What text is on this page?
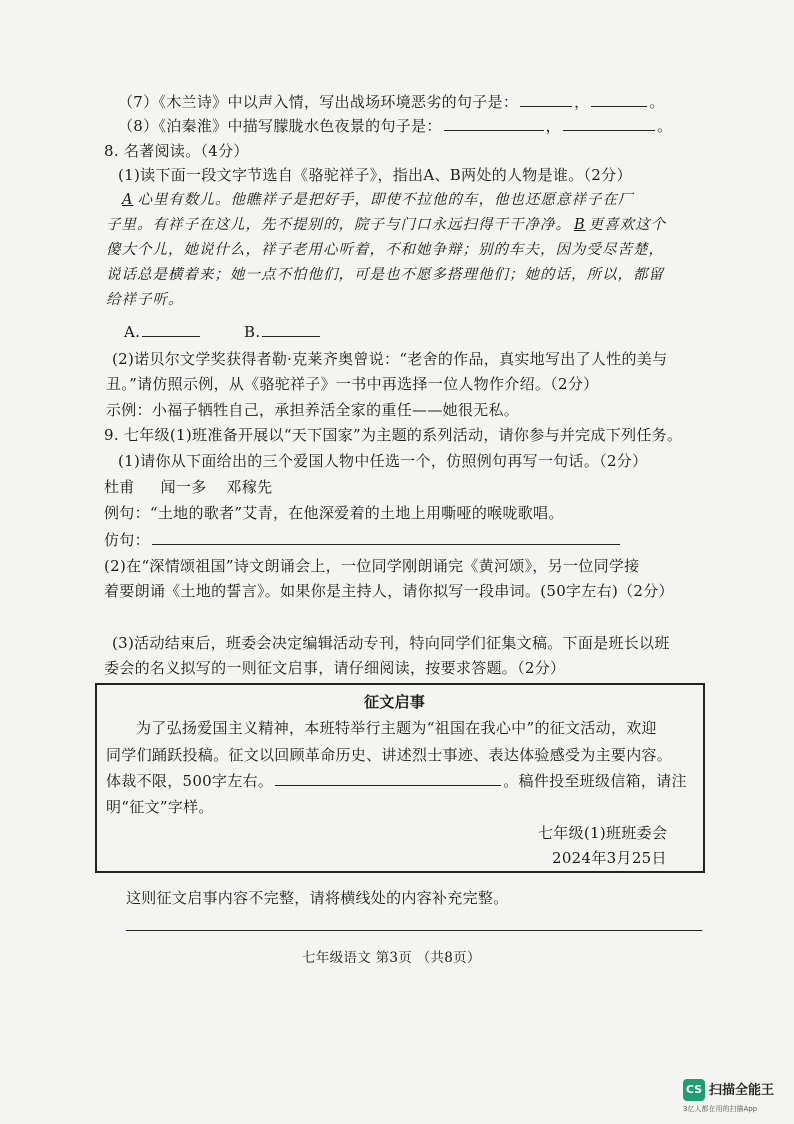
（7）《木兰诗》中以声入情，写出战场环境恶劣的句子是：	，	。
（8）《泊秦淮》中描写朦胧水色夜景的句子是：	，	。
8. 名著阅读。（4分）
(1)读下面一段文字节选自《骆驼祥子》，指出A、B两处的人物是谁。（2分）
A 心里有数儿。他瞧祥子是把好手，即使不拉他的车，他也还愿意祥子在厂
子里。有祥子在这儿，先不提别的，院子与门口永远扫得干干净净。 B 更喜欢这个
傻大个儿，她说什么，祥子老用心听着，不和她争辩；别的车夫，因为受尽苦楚，
说话总是横着来；她一点不怕他们，可是也不愿多搭理他们；她的话，所以，都留
给祥子听。
A.	B.
(2)诺贝尔文学奖获得者勒·克莱齐奥曾说：“老舍的作品，真实地写出了人性的美与
丑。”请仿照示例，从《骆驼祥子》一书中再选择一位人物作介绍。（2分）
示例：小福子牺牲自己，承担养活全家的重任——她很无私。
9. 七年级(1)班准备开展以“天下国家”为主题的系列活动，请你参与并完成下列任务。
(1)请你从下面给出的三个爱国人物中任选一个，仿照例句再写一句话。（2分）
杜甫 闻一多 邓稼先
例句：“土地的歌者”艾青，在他深爱着的土地上用嘶哑的喉咙歌唱。
仿句：
(2)在“深情颂祖国”诗文朗诵会上，一位同学刚朗诵完《黄河颂》，另一位同学接
着要朗诵《土地的誓言》。如果你是主持人，请你拟写一段串词。(50字左右)（2分）
(3)活动结束后，班委会决定编辑活动专刊，特向同学们征集文稿。下面是班长以班
委会的名义拟写的一则征文启事，请仔细阅读，按要求答题。（2分）
征文启事
为了弘扬爱国主义精神，本班特举行主题为“祖国在我心中”的征文活动，欢迎
同学们踊跃投稿。征文以回顾革命历史、讲述烈士事迹、表达体验感受为主要内容。
体裁不限，500字左右。	。稿件投至班级信箱，请注
明“征文”字样。
七年级(1)班班委会
2024年3月25日
这则征文启事内容不完整，请将横线处的内容补充完整。
七年级语文 第3页 （共8页）
CS 扫描全能王
3亿人都在用的扫描App
